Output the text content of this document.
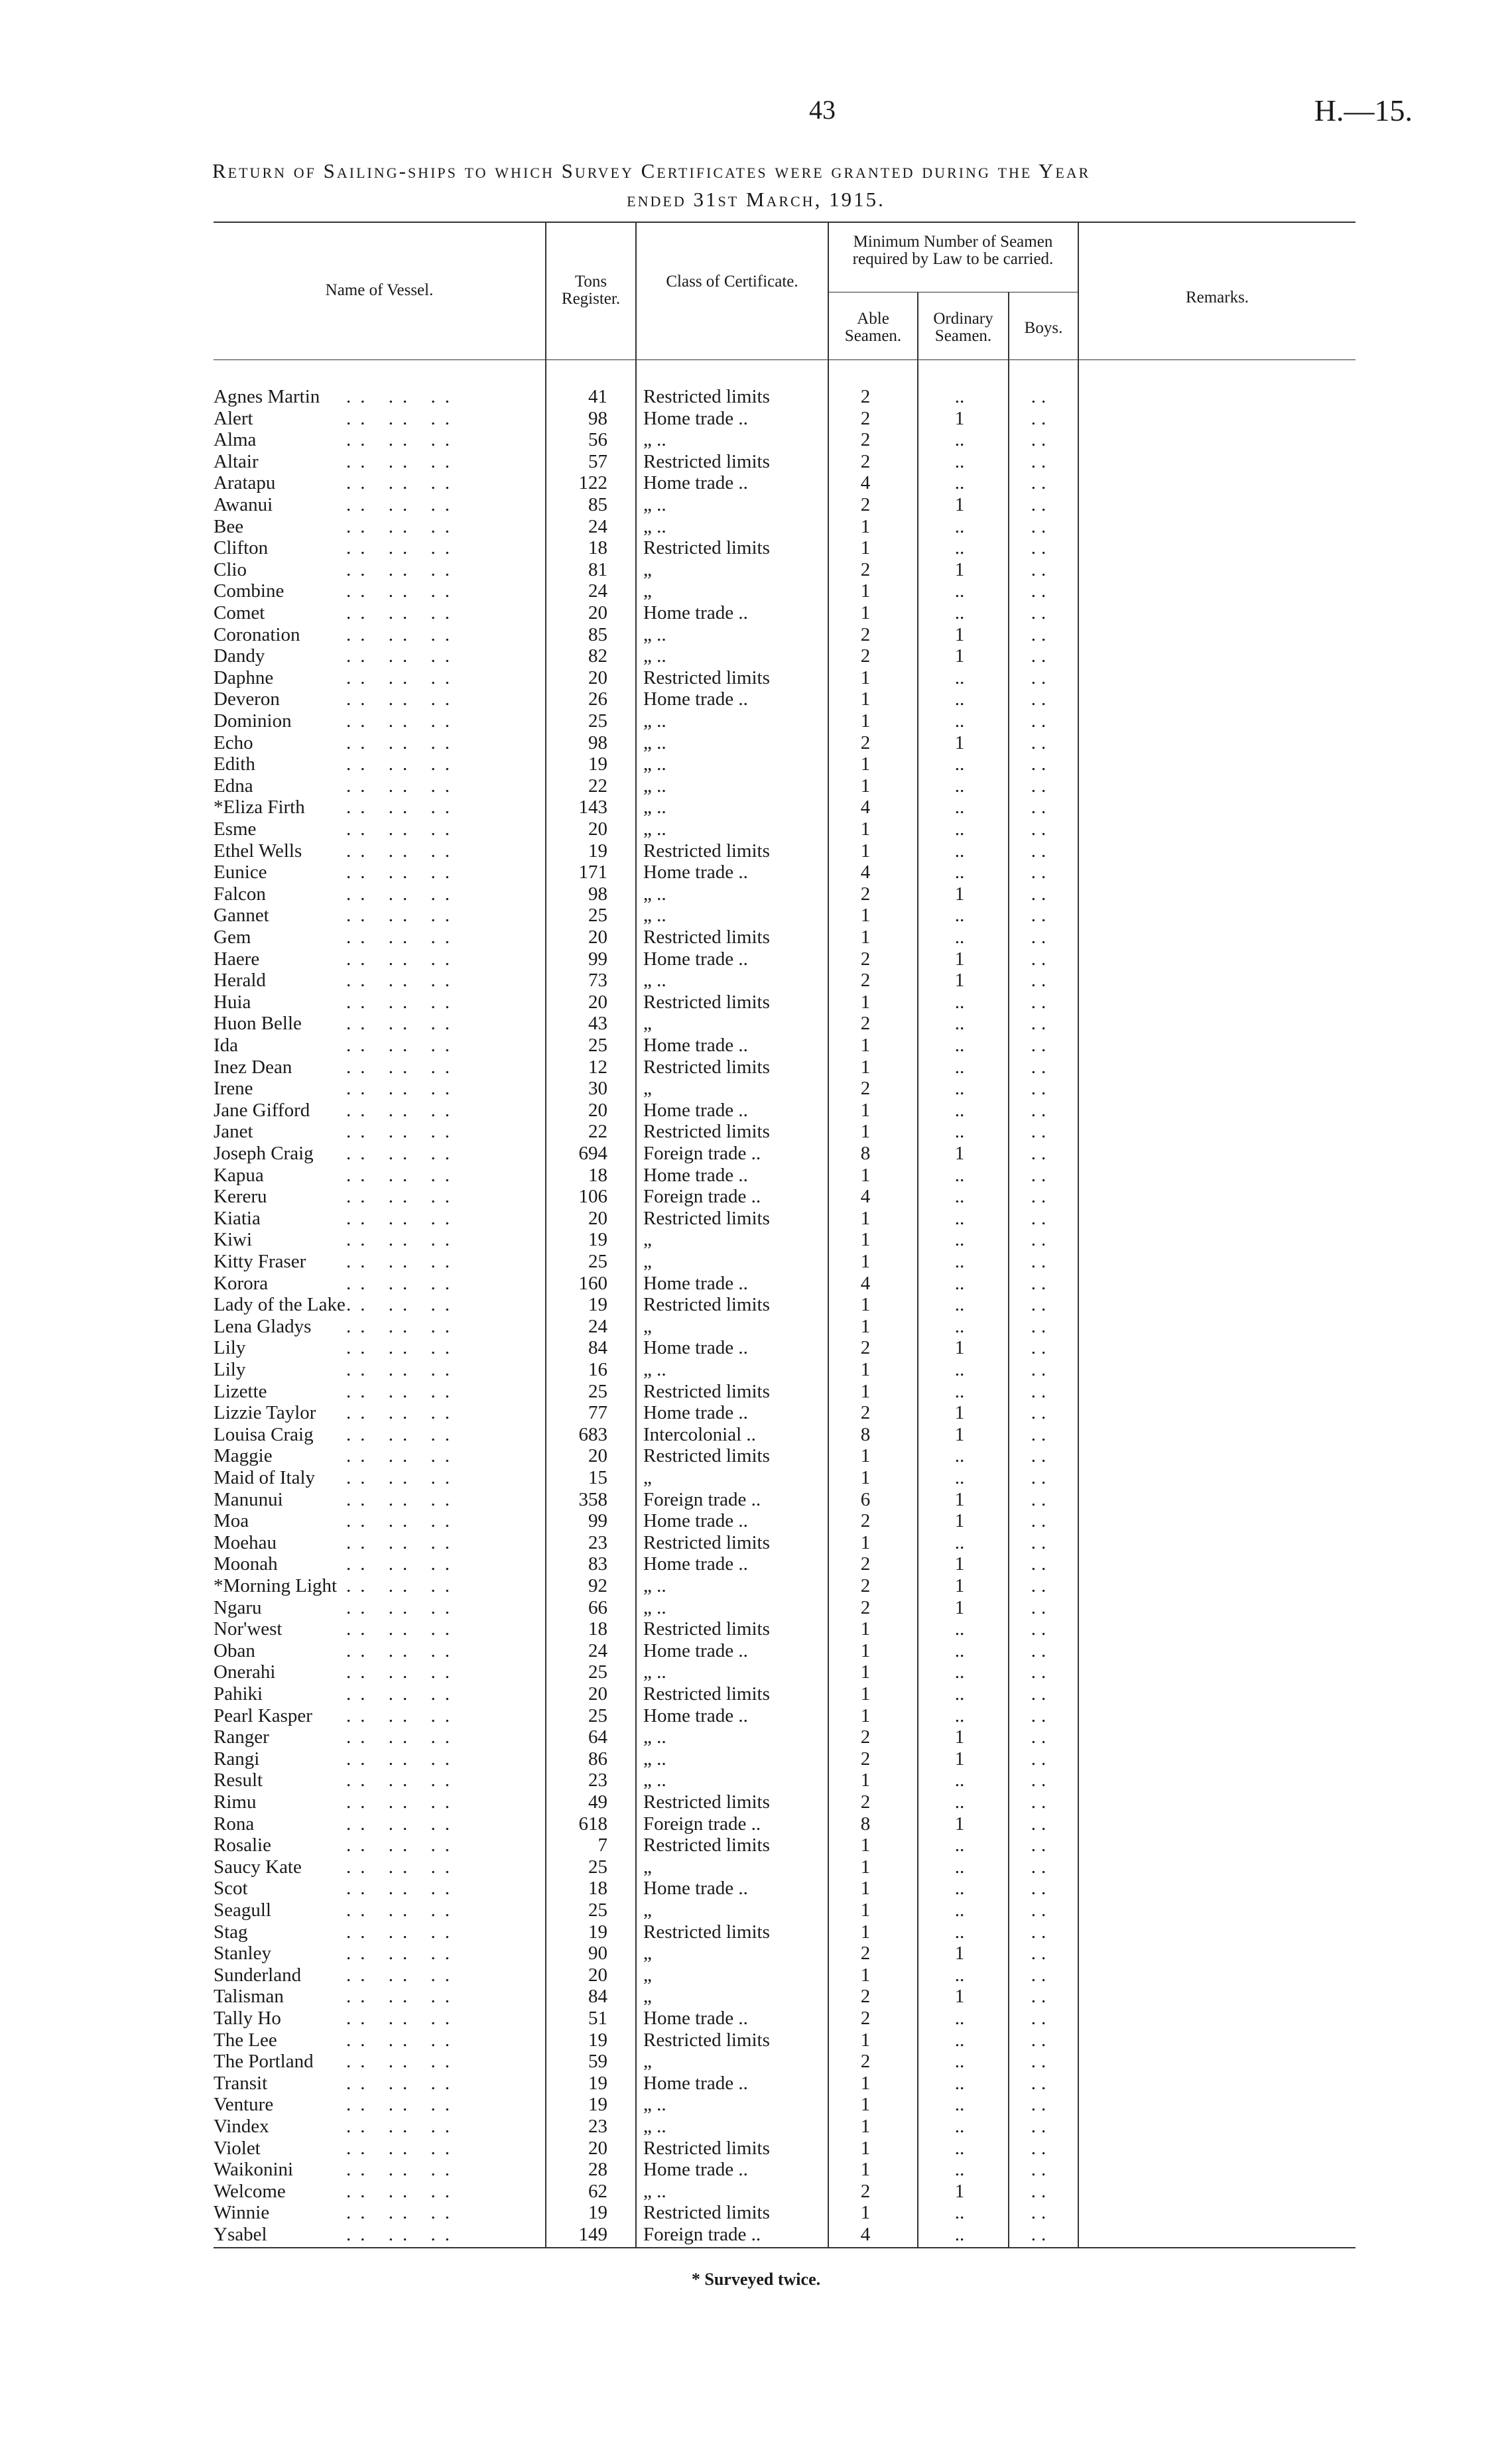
43	H.—15.
Return of Sailing-ships to which Survey Certificates were granted during the Year
ended 31st March, 1915.
Name of Vessel.	Tons Register.
Class of Certificate.
Minimum Number of Seamen required by Law to be carried.
Able Seamen.
Ordinary Seamen.	Boys.
Remarks.
.. .. ..
Agnes Martin	41 Restricted limits	2	..	..
.. .. ..
Alert	98 Home trade ..	2	1	..
.. .. ..
Alma	56 „ ..	2	..	..
.. .. ..
Altair	57 Restricted limits	2	..	..
.. .. ..
Aratapu	122 Home trade ..	4	..	..
.. .. ..
Awanui	85 „ ..	2	1	..
.. .. ..
Bee	24 „ ..	1	..	..
.. .. ..
Clifton	18 Restricted limits	1	..	..
.. .. ..
Clio	81 „	2	1	..
.. .. ..
Combine	24 „	1	..	..
.. .. ..
Comet	20 Home trade ..	1	..	..
.. .. ..
Coronation	85 „ ..	2	1	..
.. .. ..
Dandy	82 „ ..	2	1	..
.. .. ..
Daphne	20 Restricted limits	1	..	..
.. .. ..
Deveron	26 Home trade ..	1	..	..
.. .. ..
Dominion	25 „ ..	1	..	..
.. .. ..
Echo	98 „ ..	2	1	..
.. .. ..
Edith	19 „ ..	1	..	..
.. .. ..
Edna	22 „ ..	1	..	..
.. .. ..
*Eliza Firth	143 „ ..	4	..	..
.. .. ..
Esme	20 „ ..	1	..	..
.. .. ..
Ethel Wells	19 Restricted limits	1	..	..
.. .. ..
Eunice	171 Home trade ..	4	..	..
.. .. ..
Falcon	98 „ ..	2	1	..
.. .. ..
Gannet	25 „ ..	1	..	..
.. .. ..
Gem	20 Restricted limits	1	..	..
.. .. ..
Haere	99 Home trade ..	2	1	..
.. .. ..
Herald	73 „ ..	2	1	..
.. .. ..
Huia	20 Restricted limits	1	..	..
.. .. ..
Huon Belle	43 „	2	..	..
.. .. ..
Ida	25 Home trade ..	1	..	..
.. .. ..
Inez Dean	12 Restricted limits	1	..	..
.. .. ..
Irene	30 „	2	..	..
.. .. ..
Jane Gifford	20 Home trade ..	1	..	..
.. .. ..
Janet	22 Restricted limits	1	..	..
.. .. ..
Joseph Craig	694 Foreign trade ..	8	1	..
.. .. ..
Kapua	18 Home trade ..	1	..	..
.. .. ..
Kereru	106 Foreign trade ..	4	..	..
.. .. ..
Kiatia	20 Restricted limits	1	..	..
.. .. ..
Kiwi	19 „	1	..	..
.. .. ..
Kitty Fraser	25 „	1	..	..
.. .. ..
Korora	160 Home trade ..	4	..	..
.. .. ..
Lady of the Lake	19 Restricted limits	1	..	..
.. .. ..
Lena Gladys	24 „	1	..	..
.. .. ..
Lily	84 Home trade ..	2	1	..
.. .. ..
Lily	16 „ ..	1	..	..
.. .. ..
Lizette	25 Restricted limits	1	..	..
.. .. ..
Lizzie Taylor	77 Home trade ..	2	1	..
.. .. ..
Louisa Craig	683 Intercolonial ..	8	1	..
.. .. ..
Maggie	20 Restricted limits	1	..	..
.. .. ..
Maid of Italy	15 „	1	..	..
.. .. ..
Manunui	358 Foreign trade ..	6	1	..
.. .. ..
Moa	99 Home trade ..	2	1	..
.. .. ..
Moehau	23 Restricted limits	1	..	..
.. .. ..
Moonah	83 Home trade ..	2	1	..
.. .. ..
*Morning Light	92 „ ..	2	1	..
.. .. ..
Ngaru	66 „ ..	2	1	..
.. .. ..
Nor'west	18 Restricted limits	1	..	..
.. .. ..
Oban	24 Home trade ..	1	..	..
.. .. ..
Onerahi	25 „ ..	1	..	..
.. .. ..
Pahiki	20 Restricted limits	1	..	..
.. .. ..
Pearl Kasper	25 Home trade ..	1	..	..
.. .. ..
Ranger	64 „ ..	2	1	..
.. .. ..
Rangi	86 „ ..	2	1	..
.. .. ..
Result	23 „ ..	1	..	..
.. .. ..
Rimu	49 Restricted limits	2	..	..
.. .. ..
Rona	618 Foreign trade ..	8	1	..
.. .. ..
Rosalie	7 Restricted limits	1	..	..
.. .. ..
Saucy Kate	25 „	1	..	..
.. .. ..
Scot	18 Home trade ..	1	..	..
.. .. ..
Seagull	25 „	1	..	..
.. .. ..
Stag	19 Restricted limits	1	..	..
.. .. ..
Stanley	90 „	2	1	..
.. .. ..
Sunderland	20 „	1	..	..
.. .. ..
Talisman	84 „	2	1	..
.. .. ..
Tally Ho	51 Home trade ..	2	..	..
.. .. ..
The Lee	19 Restricted limits	1	..	..
.. .. ..
The Portland	59 „	2	..	..
.. .. ..
Transit	19 Home trade ..	1	..	..
.. .. ..
Venture	19 „ ..	1	..	..
.. .. ..
Vindex	23 „ ..	1	..	..
.. .. ..
Violet	20 Restricted limits	1	..	..
.. .. ..
Waikonini	28 Home trade ..	1	..	..
.. .. ..
Welcome	62 „ ..	2	1	..
.. .. ..
Winnie	19 Restricted limits	1	..	..
.. .. ..
Ysabel	149 Foreign trade ..	4	..	..
* Surveyed twice.
